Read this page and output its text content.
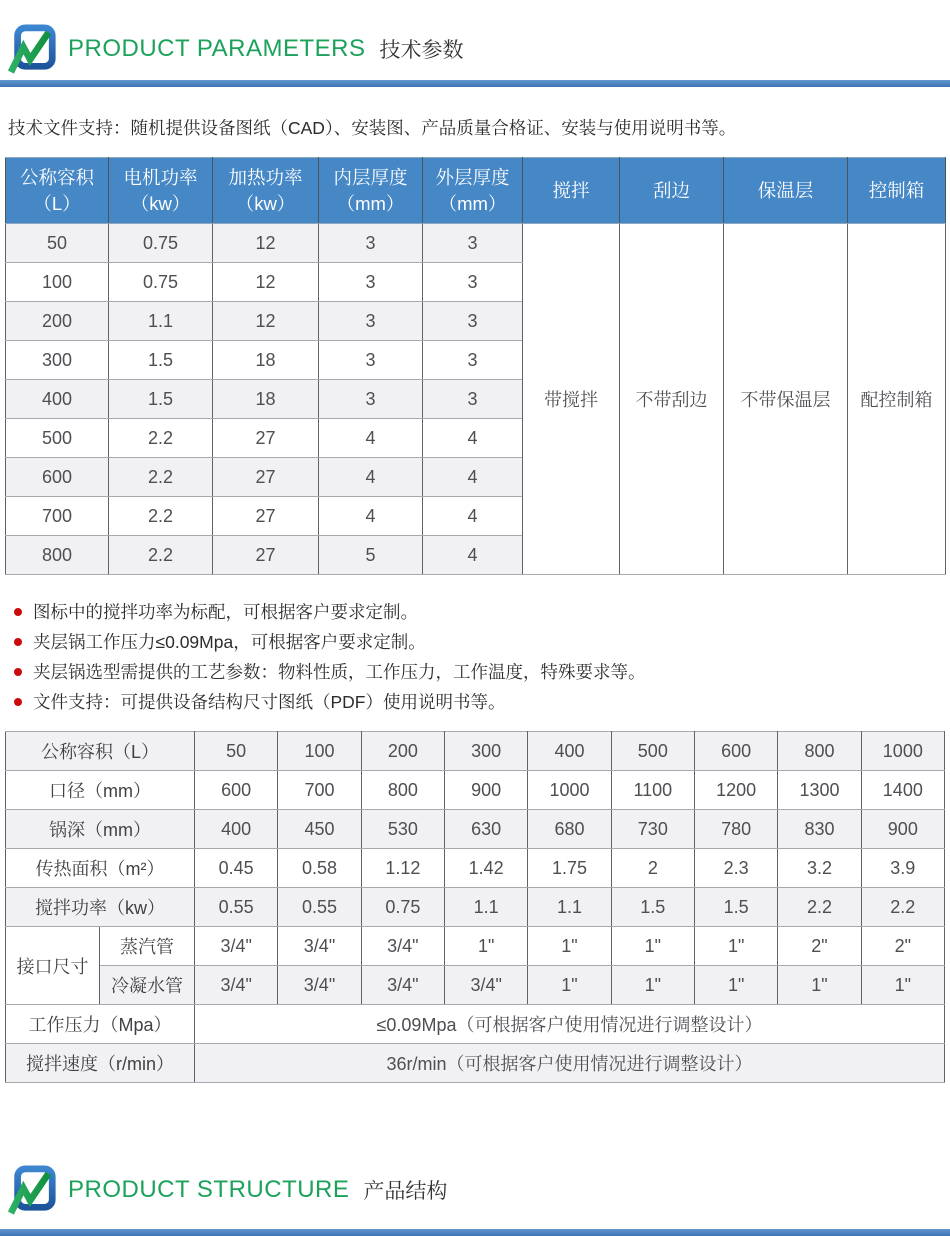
PRODUCT PARAMETERS 技术参数

技术文件支持：随机提供设备图纸（CAD）、安装图、产品质量合格证、安装与使用说明书等。

公称容积（L）	电机功率（kw）	加热功率（kw）	内层厚度（mm）	外层厚度（mm）	搅拌	刮边	保温层	控制箱
50	0.75	12	3	3	带搅拌	不带刮边	不带保温层	配控制箱
100	0.75	12	3	3				
200	1.1	12	3	3				
300	1.5	18	3	3				
400	1.5	18	3	3				
500	2.2	27	4	4				
600	2.2	27	4	4				
700	2.2	27	4	4				
800	2.2	27	5	4				
图标中的搅拌功率为标配，可根据客户要求定制。
夹层锅工作压力≤0.09Mpa，可根据客户要求定制。
夹层锅选型需提供的工艺参数：物料性质，工作压力，工作温度，特殊要求等。
文件支持：可提供设备结构尺寸图纸（PDF）使用说明书等。
公称容积（L）		50	100	200	300	400	500	600	800	1000
口径（mm）		600	700	800	900	1000	1100	1200	1300	1400
锅深（mm）		400	450	530	630	680	730	780	830	900
传热面积（m²）		0.45	0.58	1.12	1.42	1.75	2	2.3	3.2	3.9
搅拌功率（kw）		0.55	0.55	0.75	1.1	1.1	1.5	1.5	2.2	2.2
接口尺寸	蒸汽管	3/4"	3/4"	3/4"	1"	1"	1"	1"	2"	2"
	冷凝水管	3/4"	3/4"	3/4"	3/4"	1"	1"	1"	1"	1"
工作压力（Mpa）		≤0.09Mpa（可根据客户使用情况进行调整设计）								
搅拌速度（r/min）		36r/min（可根据客户使用情况进行调整设计）								
PRODUCT STRUCTURE 产品结构
